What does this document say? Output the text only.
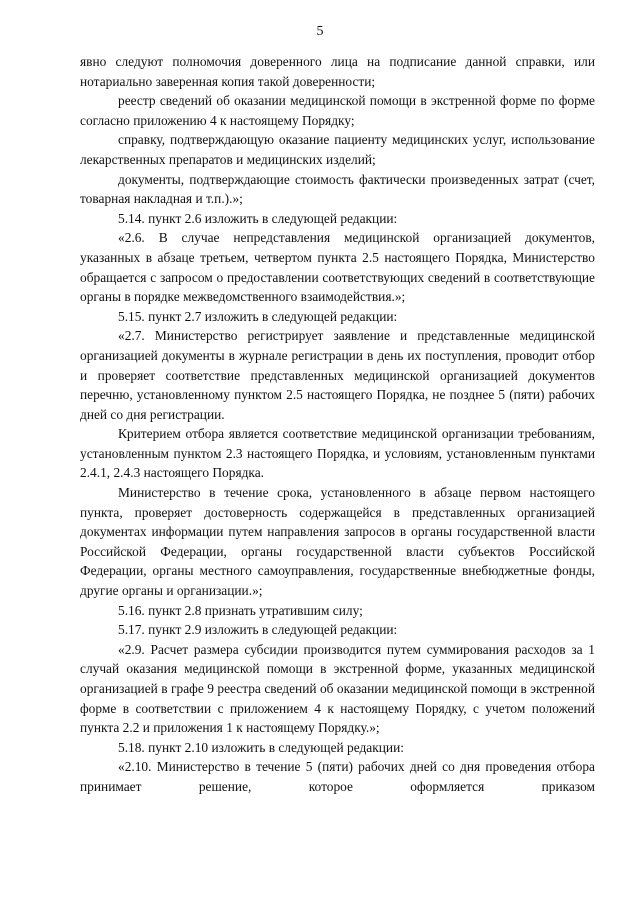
5

явно следуют полномочия доверенного лица на подписание данной справки, или нотариально заверенная копия такой доверенности;

реестр сведений об оказании медицинской помощи в экстренной форме по форме согласно приложению 4 к настоящему Порядку;

справку, подтверждающую оказание пациенту медицинских услуг, использование лекарственных препаратов и медицинских изделий;

документы, подтверждающие стоимость фактически произведенных затрат (счет, товарная накладная и т.п.).»;

5.14. пункт 2.6 изложить в следующей редакции:

«2.6. В случае непредставления медицинской организацией документов, указанных в абзаце третьем, четвертом пункта 2.5 настоящего Порядка, Министерство обращается с запросом о предоставлении соответствующих сведений в соответствующие органы в порядке межведомственного взаимодействия.»;

5.15. пункт 2.7 изложить в следующей редакции:

«2.7. Министерство регистрирует заявление и представленные медицинской организацией документы в журнале регистрации в день их поступления, проводит отбор и проверяет соответствие представленных медицинской организацией документов перечню, установленному пунктом 2.5 настоящего Порядка, не позднее 5 (пяти) рабочих дней со дня регистрации.

Критерием отбора является соответствие медицинской организации требованиям, установленным пунктом 2.3 настоящего Порядка, и условиям, установленным пунктами 2.4.1, 2.4.3 настоящего Порядка.

Министерство в течение срока, установленного в абзаце первом настоящего пункта, проверяет достоверность содержащейся в представленных организацией документах информации путем направления запросов в органы государственной власти Российской Федерации, органы государственной власти субъектов Российской Федерации, органы местного самоуправления, государственные внебюджетные фонды, другие органы и организации.»;

5.16. пункт 2.8 признать утратившим силу;

5.17. пункт 2.9 изложить в следующей редакции:

«2.9. Расчет размера субсидии производится путем суммирования расходов за 1 случай оказания медицинской помощи в экстренной форме, указанных медицинской организацией в графе 9 реестра сведений об оказании медицинской помощи в экстренной форме в соответствии с приложением 4 к настоящему Порядку, с учетом положений пункта 2.2 и приложения 1 к настоящему Порядку.»;

5.18. пункт 2.10 изложить в следующей редакции:

«2.10. Министерство в течение 5 (пяти) рабочих дней со дня проведения отбора принимает решение, которое оформляется приказом
